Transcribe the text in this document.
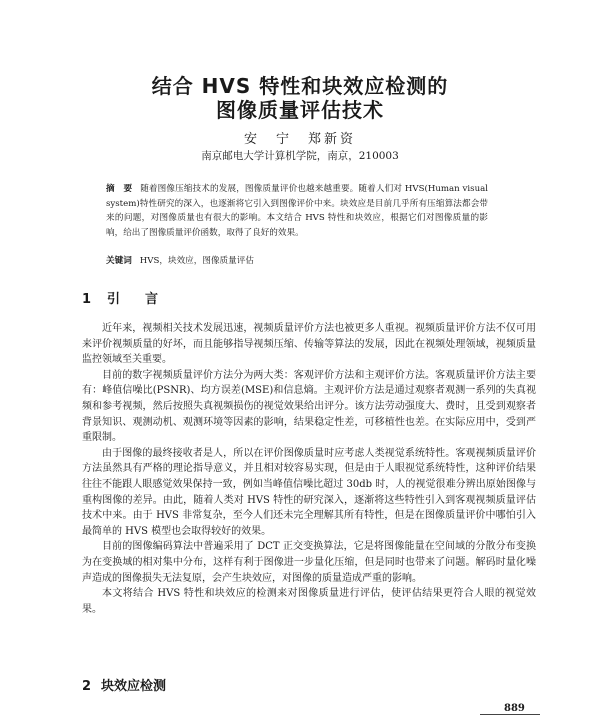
结合 HVS 特性和块效应检测的
图像质量评估技术
安　宁　郑新资
南京邮电大学计算机学院，南京，210003
摘　要 随着图像压缩技术的发展，图像质量评价也越来越重要。随着人们对 HVS(Human visual system)特性研究的深入，也逐渐将它引入到图像评价中来。块效应是目前几乎所有压缩算法都会带来的问题，对图像质量也有很大的影响。本文结合 HVS 特性和块效应，根据它们对图像质量的影响，给出了图像质量评价函数，取得了良好的效果。
关键词 HVS，块效应，图像质量评估
1 引　言

近年来，视频相关技术发展迅速，视频质量评价方法也被更多人重视。视频质量评价方法不仅可用来评价视频质量的好坏，而且能够指导视频压缩、传输等算法的发展，因此在视频处理领域，视频质量监控领域至关重要。

目前的数字视频质量评价方法分为两大类：客观评价方法和主观评价方法。客观质量评价方法主要有：峰值信噪比(PSNR)、均方误差(MSE)和信息熵。主观评价方法是通过观察者观测一系列的失真视频和参考视频，然后按照失真视频损伤的视觉效果给出评分。该方法劳动强度大、费时，且受到观察者背景知识、观测动机、观测环境等因素的影响，结果稳定性差，可移植性也差。在实际应用中，受到严重限制。

由于图像的最终接收者是人，所以在评价图像质量时应考虑人类视觉系统特性。客观视频质量评价方法虽然具有严格的理论指导意义，并且相对较容易实现，但是由于人眼视觉系统特性，这种评价结果往往不能跟人眼感觉效果保持一致，例如当峰值信噪比超过 30db 时，人的视觉很难分辨出原始图像与重构图像的差异。由此，随着人类对 HVS 特性的研究深入，逐渐将这些特性引入到客观视频质量评估技术中来。由于 HVS 非常复杂，至今人们还未完全理解其所有特性，但是在图像质量评价中哪怕引入最简单的 HVS 模型也会取得较好的效果。

目前的图像编码算法中普遍采用了 DCT 正交变换算法，它是将图像能量在空间域的分散分布变换为在变换域的相对集中分布，这样有利于图像进一步量化压缩，但是同时也带来了问题。解码时量化噪声造成的图像损失无法复原，会产生块效应，对图像的质量造成严重的影响。

本文将结合 HVS 特性和块效应的检测来对图像质量进行评估，使评估结果更符合人眼的视觉效果。

2 块效应检测
889
